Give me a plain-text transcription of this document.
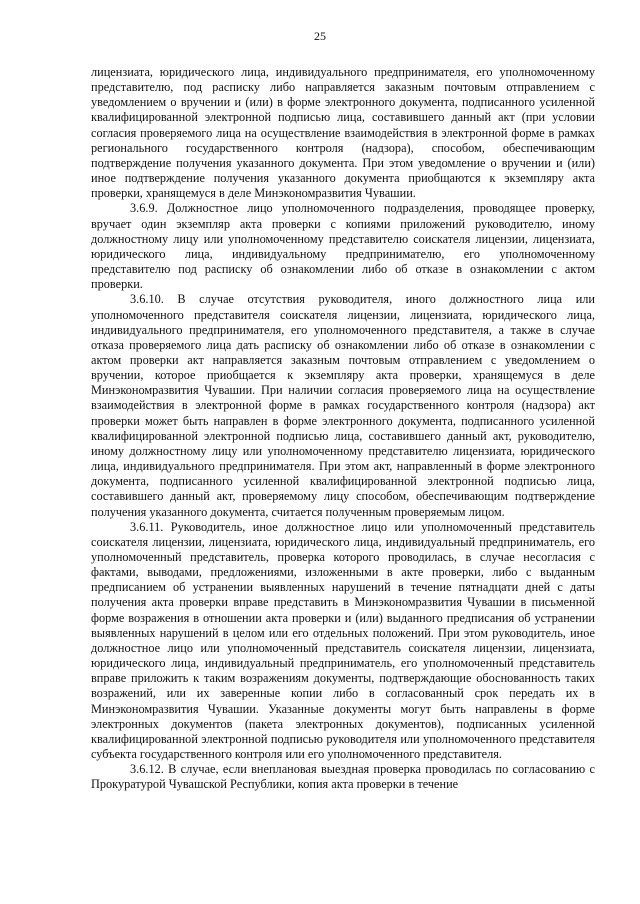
25

лицензиата, юридического лица, индивидуального предпринимателя, его уполномоченному представителю, под расписку либо направляется заказным почтовым отправлением с уведомлением о вручении и (или) в форме электронного документа, подписанного усиленной квалифицированной электронной подписью лица, составившего данный акт (при условии согласия проверяемого лица на осуществление взаимодействия в электронной форме в рамках регионального государственного контроля (надзора), способом, обеспечивающим подтверждение получения указанного документа. При этом уведомление о вручении и (или) иное подтверждение получения указанного документа приобщаются к экземпляру акта проверки, хранящемуся в деле Минэкономразвития Чувашии.

3.6.9. Должностное лицо уполномоченного подразделения, проводящее проверку, вручает один экземпляр акта проверки с копиями приложений руководителю, иному должностному лицу или уполномоченному представителю соискателя лицензии, лицензиата, юридического лица, индивидуальному предпринимателю, его уполномоченному представителю под расписку об ознакомлении либо об отказе в ознакомлении с актом проверки.

3.6.10. В случае отсутствия руководителя, иного должностного лица или уполномоченного представителя соискателя лицензии, лицензиата, юридического лица, индивидуального предпринимателя, его уполномоченного представителя, а также в случае отказа проверяемого лица дать расписку об ознакомлении либо об отказе в ознакомлении с актом проверки акт направляется заказным почтовым отправлением с уведомлением о вручении, которое приобщается к экземпляру акта проверки, хранящемуся в деле Минэкономразвития Чувашии. При наличии согласия проверяемого лица на осуществление взаимодействия в электронной форме в рамках государственного контроля (надзора) акт проверки может быть направлен в форме электронного документа, подписанного усиленной квалифицированной электронной подписью лица, составившего данный акт, руководителю, иному должностному лицу или уполномоченному представителю лицензиата, юридического лица, индивидуального предпринимателя. При этом акт, направленный в форме электронного документа, подписанного усиленной квалифицированной электронной подписью лица, составившего данный акт, проверяемому лицу способом, обеспечивающим подтверждение получения указанного документа, считается полученным проверяемым лицом.

3.6.11. Руководитель, иное должностное лицо или уполномоченный представитель соискателя лицензии, лицензиата, юридического лица, индивидуальный предприниматель, его уполномоченный представитель, проверка которого проводилась, в случае несогласия с фактами, выводами, предложениями, изложенными в акте проверки, либо с выданным предписанием об устранении выявленных нарушений в течение пятнадцати дней с даты получения акта проверки вправе представить в Минэкономразвития Чувашии в письменной форме возражения в отношении акта проверки и (или) выданного предписания об устранении выявленных нарушений в целом или его отдельных положений. При этом руководитель, иное должностное лицо или уполномоченный представитель соискателя лицензии, лицензиата, юридического лица, индивидуальный предприниматель, его уполномоченный представитель вправе приложить к таким возражениям документы, подтверждающие обоснованность таких возражений, или их заверенные копии либо в согласованный срок передать их в Минэкономразвития Чувашии. Указанные документы могут быть направлены в форме электронных документов (пакета электронных документов), подписанных усиленной квалифицированной электронной подписью руководителя или уполномоченного представителя субъекта государственного контроля или его уполномоченного представителя.

3.6.12. В случае, если внеплановая выездная проверка проводилась по согласованию с Прокуратурой Чувашской Республики, копия акта проверки в течение
